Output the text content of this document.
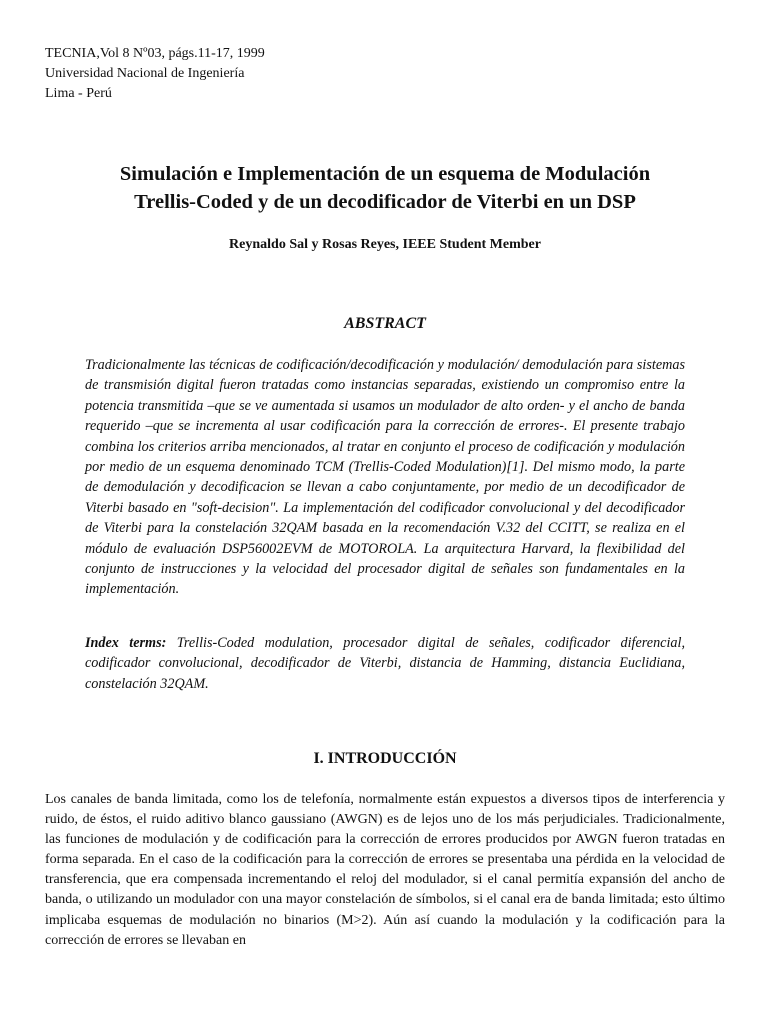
TECNIA,Vol 8 Nº03, págs.11-17, 1999
Universidad Nacional de Ingeniería
Lima - Perú
Simulación e Implementación de un esquema de Modulación
Trellis-Coded y de un decodificador de Viterbi en un DSP
Reynaldo Sal y Rosas Reyes, IEEE Student Member
ABSTRACT
Tradicionalmente las técnicas de codificación/decodificación y modulación/ demodulación para sistemas de transmisión digital fueron tratadas como instancias separadas, existiendo un compromiso entre la potencia transmitida –que se ve aumentada si usamos un modulador de alto orden- y el ancho de banda requerido –que se incrementa al usar codificación para la corrección de errores-. El presente trabajo combina los criterios arriba mencionados, al tratar en conjunto el proceso de codificación y modulación por medio de un esquema denominado TCM (Trellis-Coded Modulation)[1]. Del mismo modo, la parte de demodulación y decodificacion se llevan a cabo conjuntamente, por medio de un decodificador de Viterbi basado en "soft-decision". La implementación del codificador convolucional y del decodificador de Viterbi para la constelación 32QAM basada en la recomendación V.32 del CCITT, se realiza en el módulo de evaluación DSP56002EVM de MOTOROLA. La arquitectura Harvard, la flexibilidad del conjunto de instrucciones y la velocidad del procesador digital de señales son fundamentales en la implementación.
Index terms: Trellis-Coded modulation, procesador digital de señales, codificador diferencial, codificador convolucional, decodificador de Viterbi, distancia de Hamming, distancia Euclidiana, constelación 32QAM.
I. INTRODUCCIÓN
Los canales de banda limitada, como los de telefonía, normalmente están expuestos a diversos tipos de interferencia y ruido, de éstos, el ruido aditivo blanco gaussiano (AWGN) es de lejos uno de los más perjudiciales. Tradicionalmente, las funciones de modulación y de codificación para la corrección de errores producidos por AWGN fueron tratadas en forma separada. En el caso de la codificación para la corrección de errores se presentaba una pérdida en la velocidad de transferencia, que era compensada incrementando el reloj del modulador, si el canal permitía expansión del ancho de banda, o utilizando un modulador con una mayor constelación de símbolos, si el canal era de banda limitada; esto último implicaba esquemas de modulación no binarios (M>2). Aún así cuando la modulación y la codificación para la corrección de errores se llevaban en
